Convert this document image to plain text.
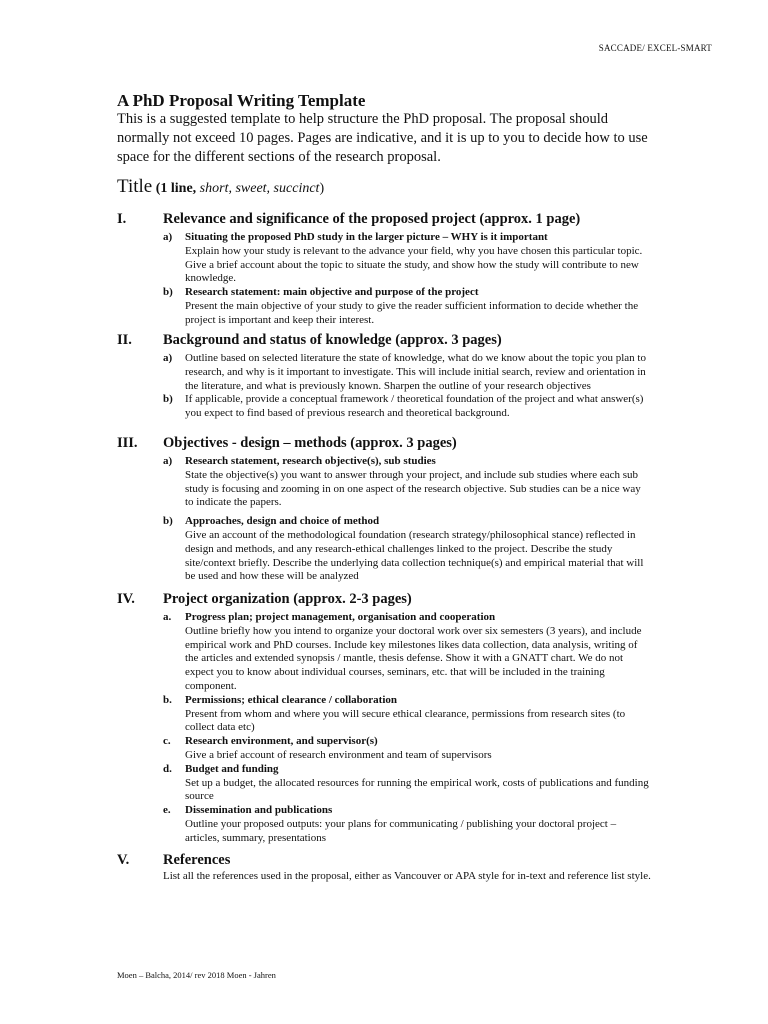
SACCADE/ EXCEL-SMART
A PhD Proposal Writing Template
This is a suggested template to help structure the PhD proposal. The proposal should normally not exceed 10 pages. Pages are indicative, and it is up to you to decide how to use space for the different sections of the research proposal.
Title (1 line, short, sweet, succinct)
I.	Relevance and significance of the proposed project (approx. 1 page)
a)	Situating the proposed PhD study in the larger picture – WHY is it important
Explain how your study is relevant to the advance your field, why you have chosen this particular topic. Give a brief account about the topic to situate the study, and show how the study will contribute to new knowledge.
b)	Research statement: main objective and purpose of the project
Present the main objective of your study to give the reader sufficient information to decide whether the project is important and keep their interest.
II.	Background and status of knowledge (approx. 3 pages)
a)	Outline based on selected literature the state of knowledge, what do we know about the topic you plan to research, and why is it important to investigate. This will include initial search, review and orientation in the literature, and what is previously known. Sharpen the outline of your research objectives
b)	If applicable, provide a conceptual framework / theoretical foundation of the project and what answer(s) you expect to find based of previous research and theoretical background.
III.	Objectives - design – methods (approx. 3 pages)
a)	Research statement, research objective(s), sub studies
State the objective(s) you want to answer through your project, and include sub studies where each sub study is focusing and zooming in on one aspect of the research objective. Sub studies can be a nice way to indicate the papers.
b)	Approaches, design and choice of method
Give an account of the methodological foundation (research strategy/philosophical stance) reflected in design and methods, and any research-ethical challenges linked to the project. Describe the study site/context briefly. Describe the underlying data collection technique(s) and empirical material that will be used and how these will be analyzed
IV.	Project organization (approx. 2-3 pages)
a.	Progress plan; project management, organisation and cooperation
Outline briefly how you intend to organize your doctoral work over six semesters (3 years), and include empirical work and PhD courses. Include key milestones likes data collection, data analysis, writing of the articles and extended synopsis / mantle, thesis defense. Show it with a GNATT chart. We do not expect you to know about individual courses, seminars, etc. that will be included in the training component.
b.	Permissions; ethical clearance / collaboration
Present from whom and where you will secure ethical clearance, permissions from research sites (to collect data etc)
c.	Research environment, and supervisor(s)
Give a brief account of research environment and team of supervisors
d.	Budget and funding
Set up a budget, the allocated resources for running the empirical work, costs of publications and funding source
e.	Dissemination and publications
Outline your proposed outputs: your plans for communicating / publishing your doctoral project – articles, summary, presentations
V.	References
List all the references used in the proposal, either as Vancouver or APA style for in-text and reference list style.
Moen – Balcha, 2014/ rev 2018 Moen - Jahren
